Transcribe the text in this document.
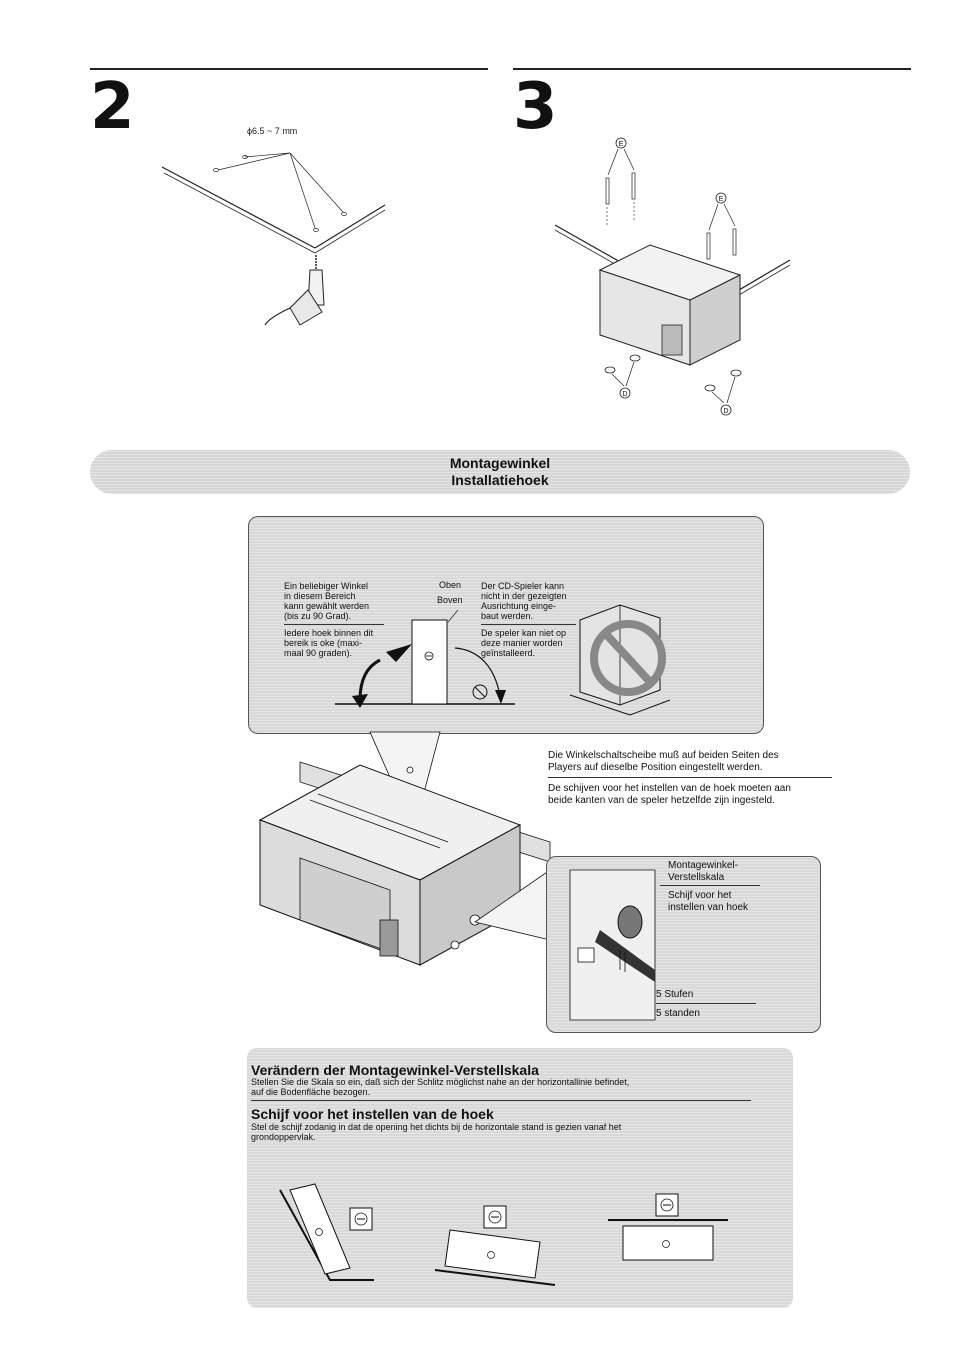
2	ϕ6.5 ~ 7 mm	3
E
E
D
D
Montagewinkel
Installatiehoek
Ein beliebiger Winkel
in diesem Bereich
kann gewählt werden
(bis zu 90 Grad).
Iedere hoek binnen dit
bereik is oke (maxi-
maal 90 graden).
Oben
Boven
Der CD-Spieler kann
nicht in der gezeigten
Ausrichtung einge-
baut werden.
De speler kan niet op
deze manier worden
geïnstalleerd.
Die Winkelschaltscheibe muß auf beiden Seiten des
Players auf dieselbe Position eingestellt werden.
De schijven voor het instellen van de hoek moeten aan
beide kanten van de speler hetzelfde zijn ingesteld.
Montagewinkel-
Verstellskala
Schijf voor het
instellen van hoek
5 Stufen
5 standen
Verändern der Montagewinkel-Verstellskala
Stellen Sie die Skala so ein, daß sich der Schlitz möglichst nahe an der horizontallinie befindet,
auf die Bodenfläche bezogen.
Schijf voor het instellen van de hoek
Stel de schijf zodanig in dat de opening het dichts bij de horizontale stand is gezien vanaf het
grondoppervlak.
